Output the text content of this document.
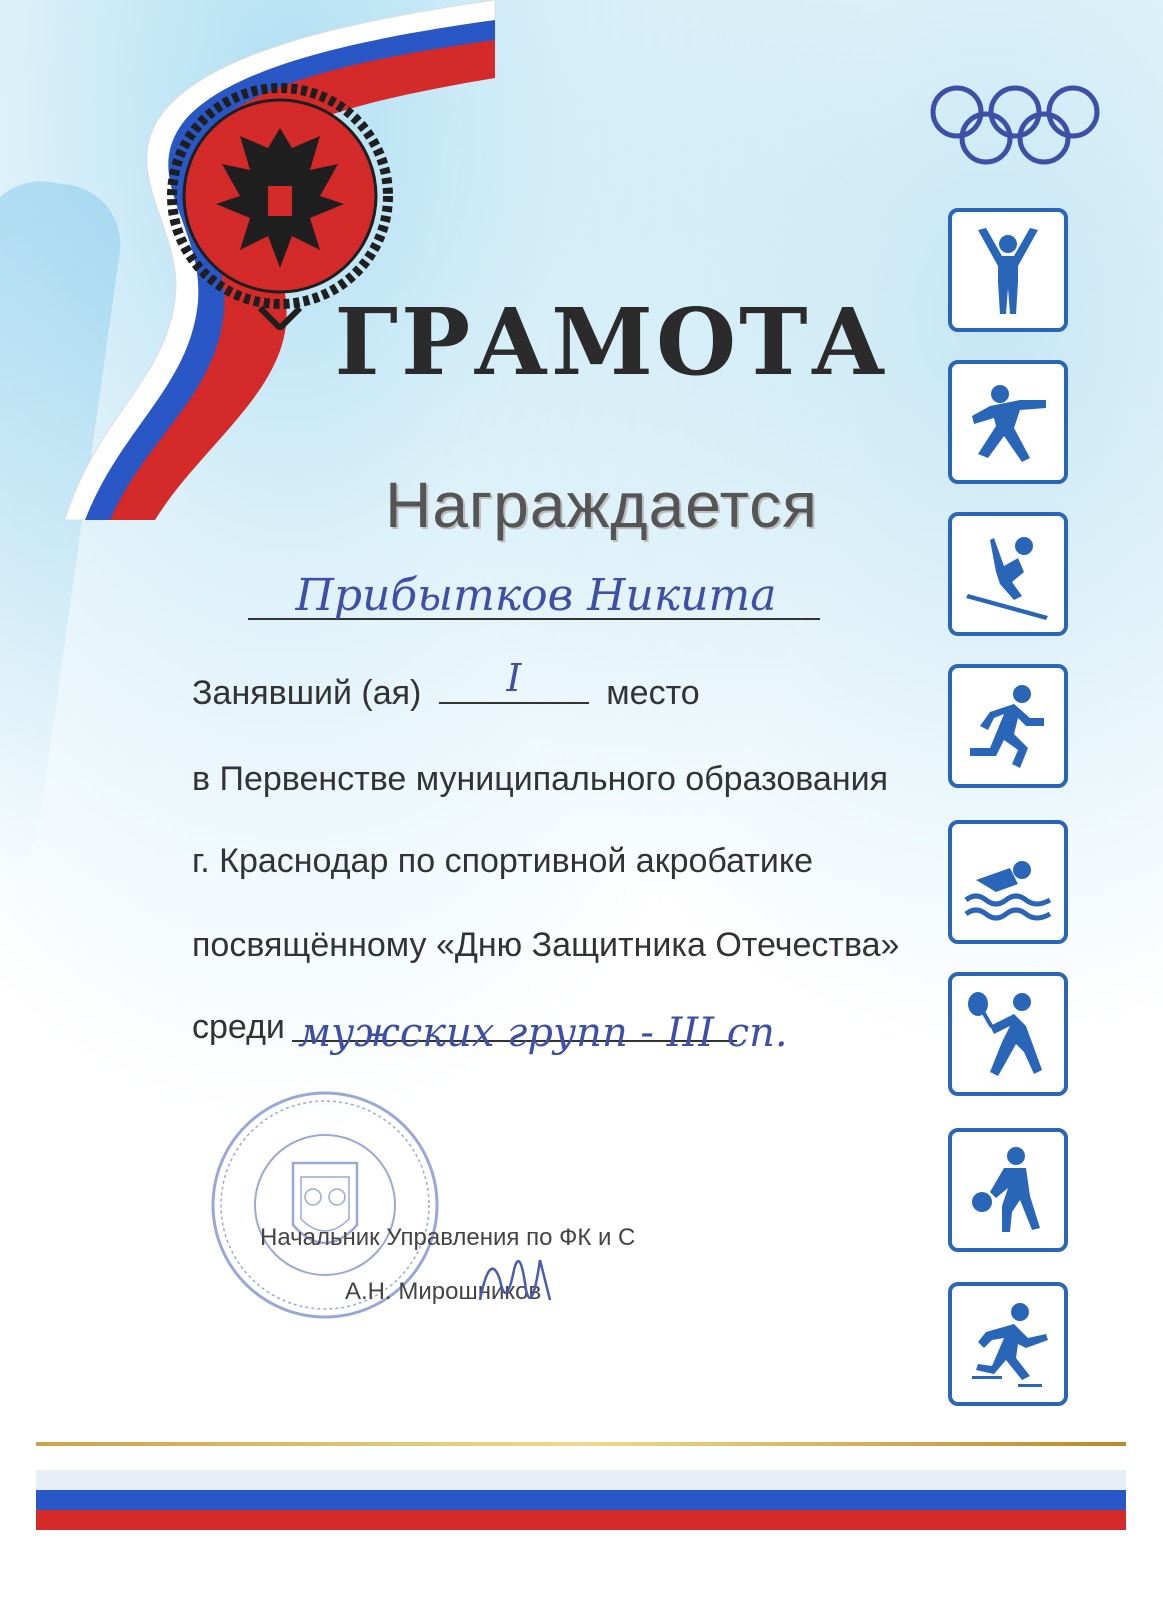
ГРАМОТА
Награждается
Прибытков Никита
Занявший (ая)	I	место
в Первенстве муниципального образования
г. Краснодар по спортивной акробатике
посвящённому «Дню Защитника Отечества»
среди мужских групп - III сп.
Начальник Управления по ФК и С
А.Н. Мирошников
